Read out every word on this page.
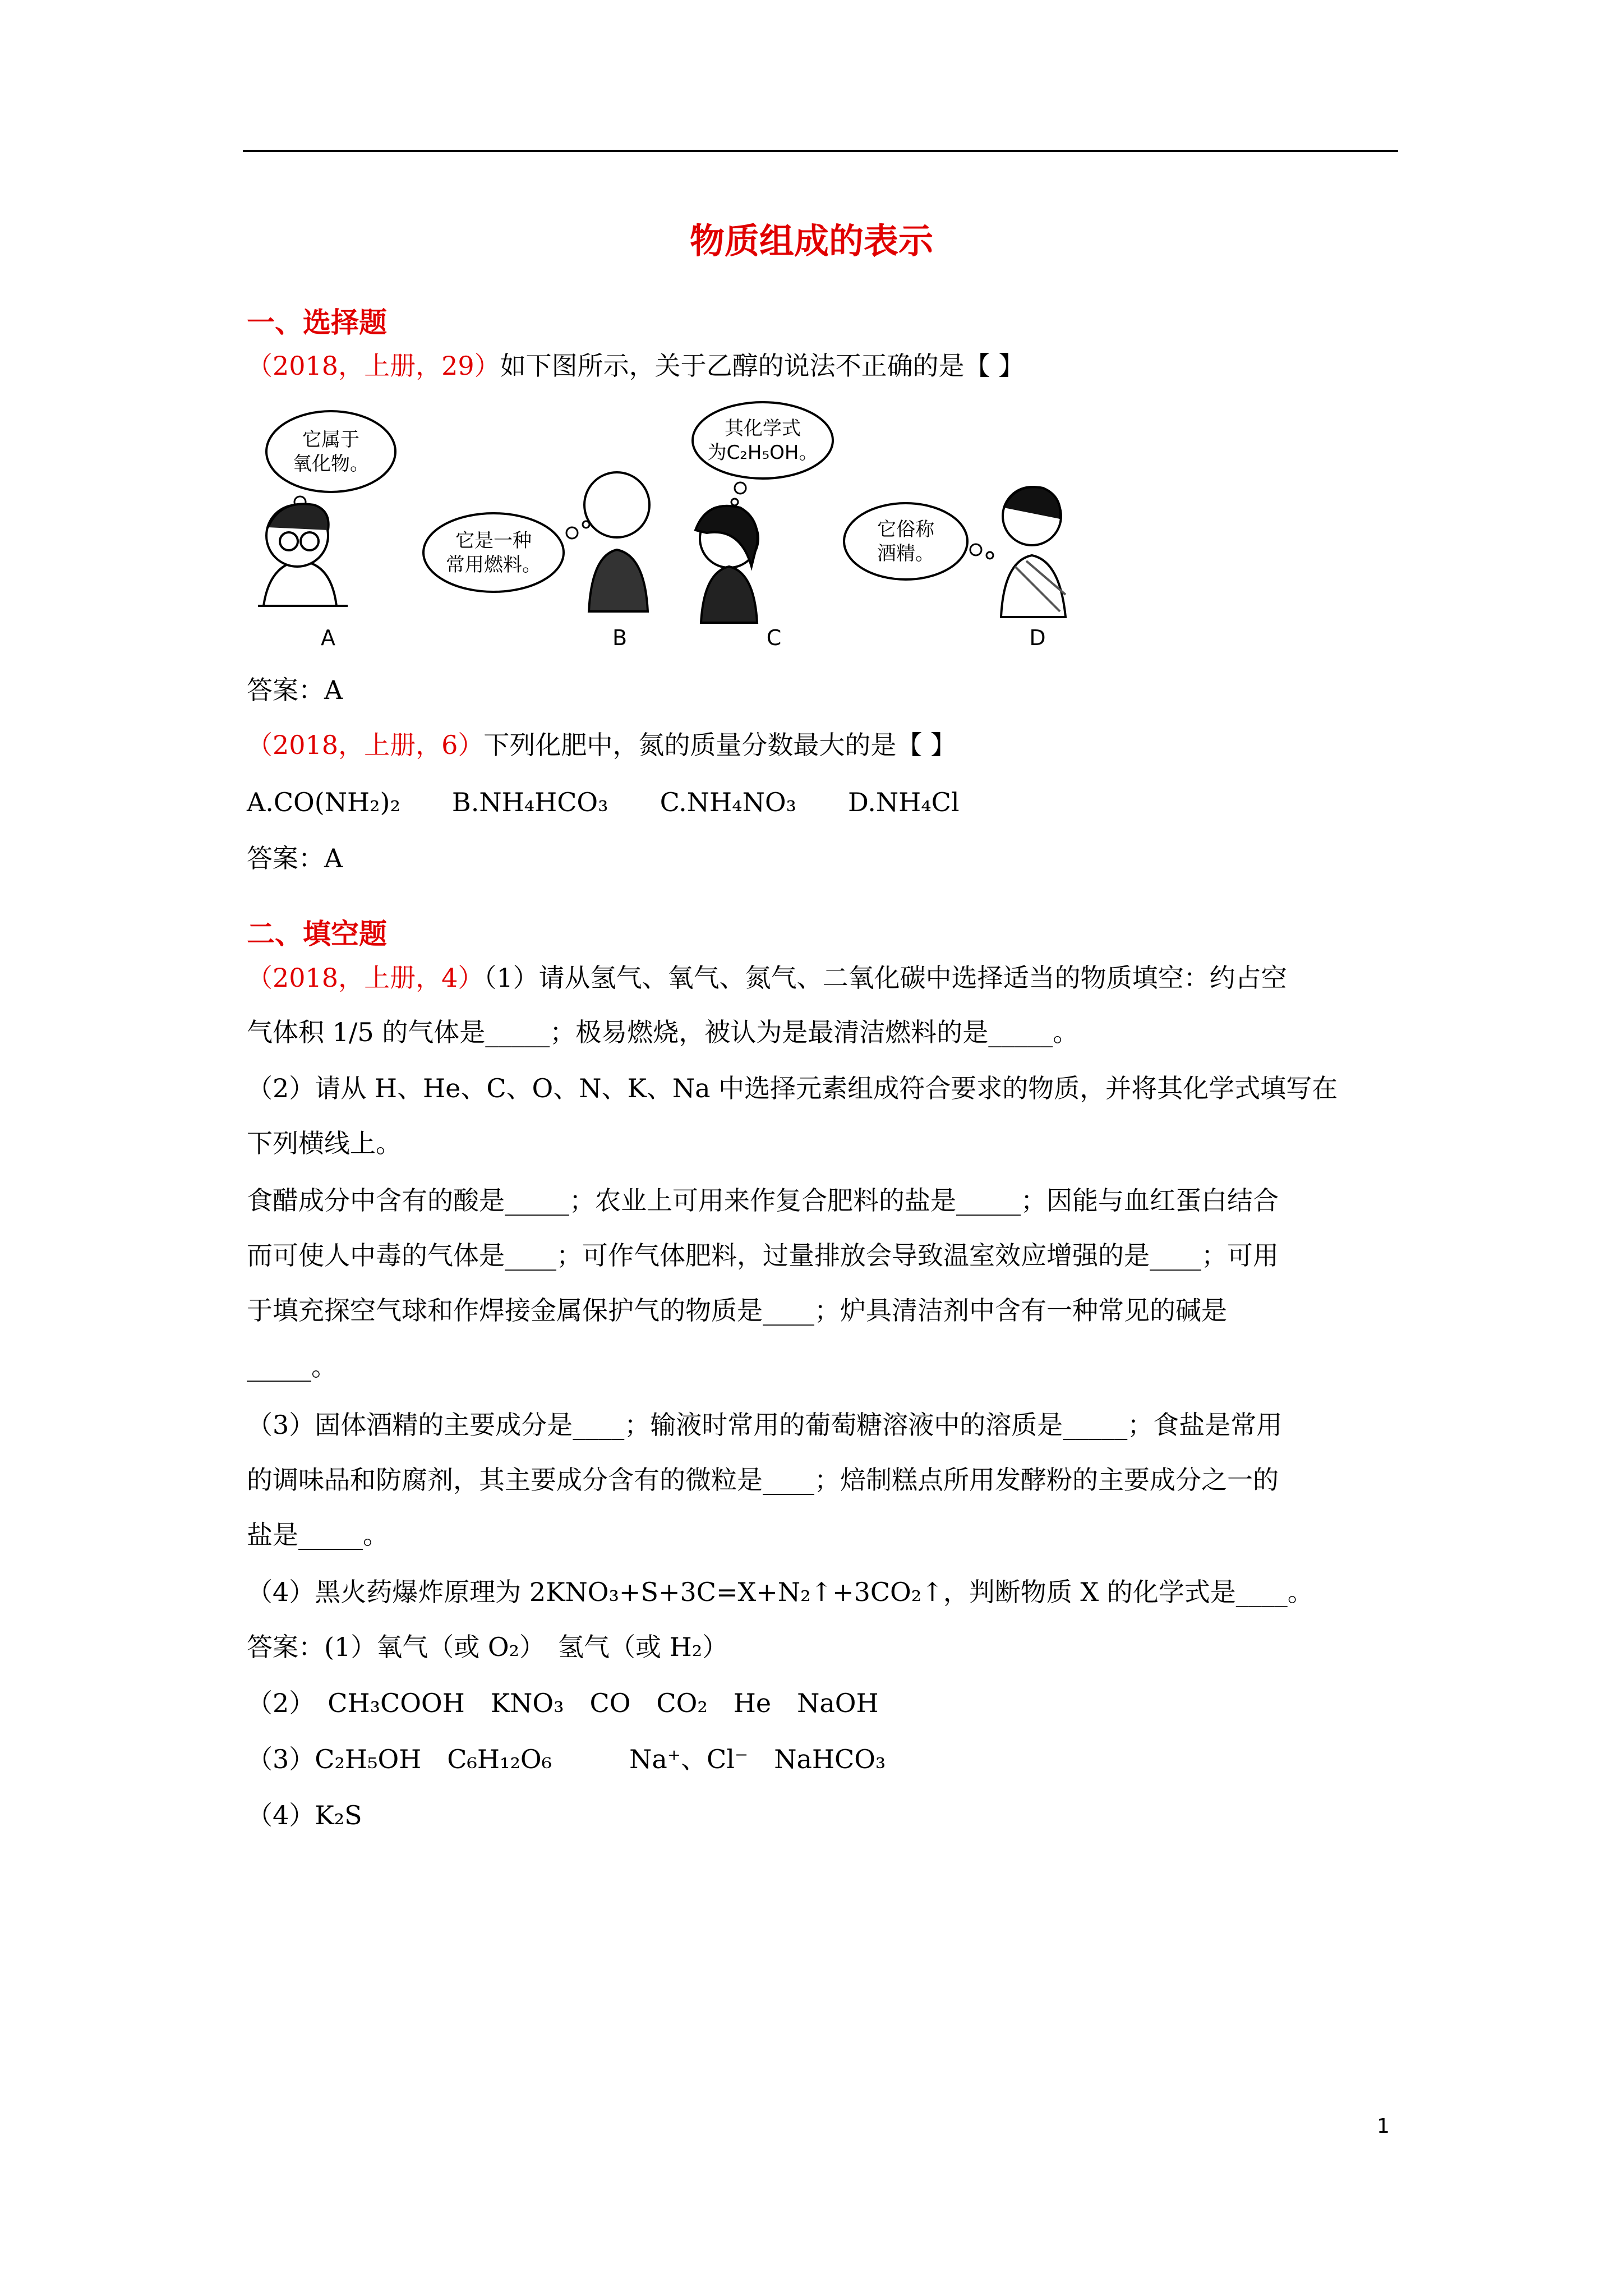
物质组成的表示
一、选择题
（2018，上册，29）如下图所示，关于乙醇的说法不正确的是【 】
它属于
氧化物。
A
它是一种
常用燃料。
B
其化学式
为C₂H₅OH。
C
它俗称
酒精。
D
答案：A
（2018，上册，6）下列化肥中，氮的质量分数最大的是【 】
A.CO(NH₂)₂　　B.NH₄HCO₃　　C.NH₄NO₃　　D.NH₄Cl
答案：A
二、填空题
（2018，上册，4）（1）请从氢气、氧气、氮气、二氧化碳中选择适当的物质填空：约占空
气体积 1/5 的气体是_____；极易燃烧，被认为是最清洁燃料的是_____。
（2）请从 H、He、C、O、N、K、Na 中选择元素组成符合要求的物质，并将其化学式填写在
下列横线上。
食醋成分中含有的酸是_____；农业上可用来作复合肥料的盐是_____；因能与血红蛋白结合
而可使人中毒的气体是____；可作气体肥料，过量排放会导致温室效应增强的是____；可用
于填充探空气球和作焊接金属保护气的物质是____；炉具清洁剂中含有一种常见的碱是
_____。
（3）固体酒精的主要成分是____；输液时常用的葡萄糖溶液中的溶质是_____；食盐是常用
的调味品和防腐剂，其主要成分含有的微粒是____；焙制糕点所用发酵粉的主要成分之一的
盐是_____。
（4）黑火药爆炸原理为 2KNO₃+S+3C=X+N₂↑+3CO₂↑，判断物质 X 的化学式是____。
答案：(1）氧气（或 O₂）　氢气（或 H₂）
（2）　CH₃COOH　KNO₃　CO　CO₂　He　NaOH
（3）C₂H₅OH　C₆H₁₂O₆　　　Na⁺、Cl⁻　NaHCO₃
（4）K₂S
1
